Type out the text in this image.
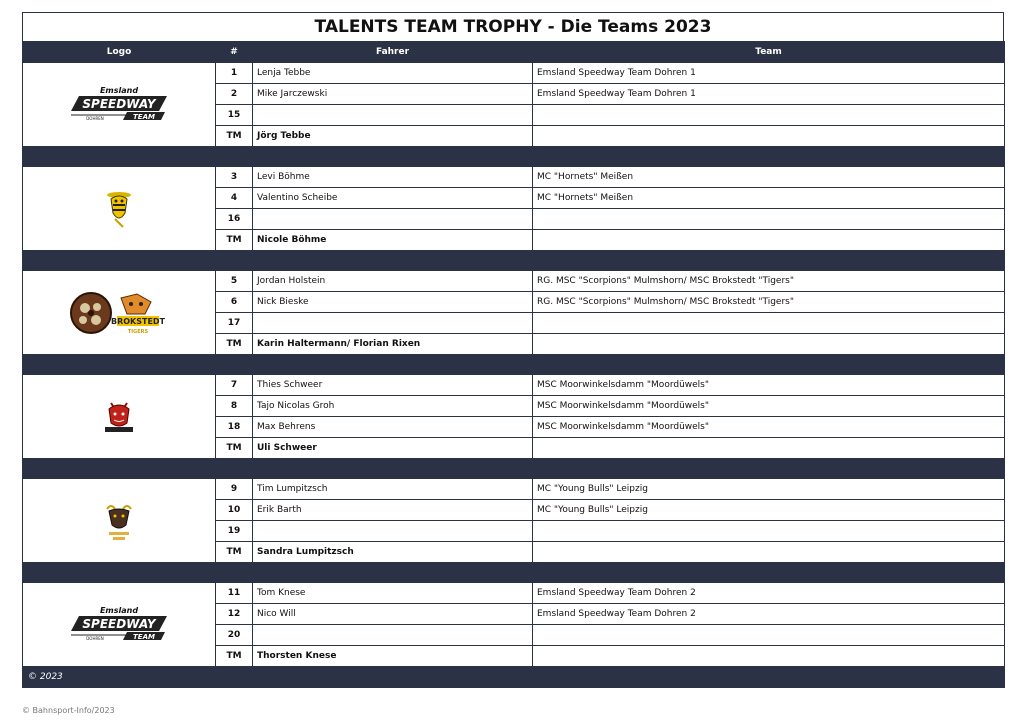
TALENTS TEAM TROPHY - Die Teams 2023
Logo	#	Fahrer	Team

Emsland
SPEEDWAY
TEAM
DOHREN	1	Lenja Tebbe	Emsland Speedway Team Dohren 1
	2	Mike Jarczewski	Emsland Speedway Team Dohren 1
	15		
	TM	Jörg Tebbe	

	3	Levi Böhme	MC "Hornets" Meißen
	4	Valentino Scheibe	MC "Hornets" Meißen
	16		
	TM	Nicole Böhme	

BROKSTEDT
TIGERS	5	Jordan Holstein	RG. MSC "Scorpions" Mulmshorn/ MSC Brokstedt "Tigers"
	6	Nick Bieske	RG. MSC "Scorpions" Mulmshorn/ MSC Brokstedt "Tigers"
	17		
	TM	Karin Haltermann/ Florian Rixen	

	7	Thies Schweer	MSC Moorwinkelsdamm "Moordüwels"
	8	Tajo Nicolas Groh	MSC Moorwinkelsdamm "Moordüwels"
	18	Max Behrens	MSC Moorwinkelsdamm "Moordüwels"
	TM	Uli Schweer	

	9	Tim Lumpitzsch	MC "Young Bulls" Leipzig
	10	Erik Barth	MC "Young Bulls" Leipzig
	19		
	TM	Sandra Lumpitzsch	

Emsland
SPEEDWAY
TEAM
DOHREN	11	Tom Knese	Emsland Speedway Team Dohren 2
	12	Nico Will	Emsland Speedway Team Dohren 2
	20		
	TM	Thorsten Knese	
© 2023			
© Bahnsport-Info/2023
